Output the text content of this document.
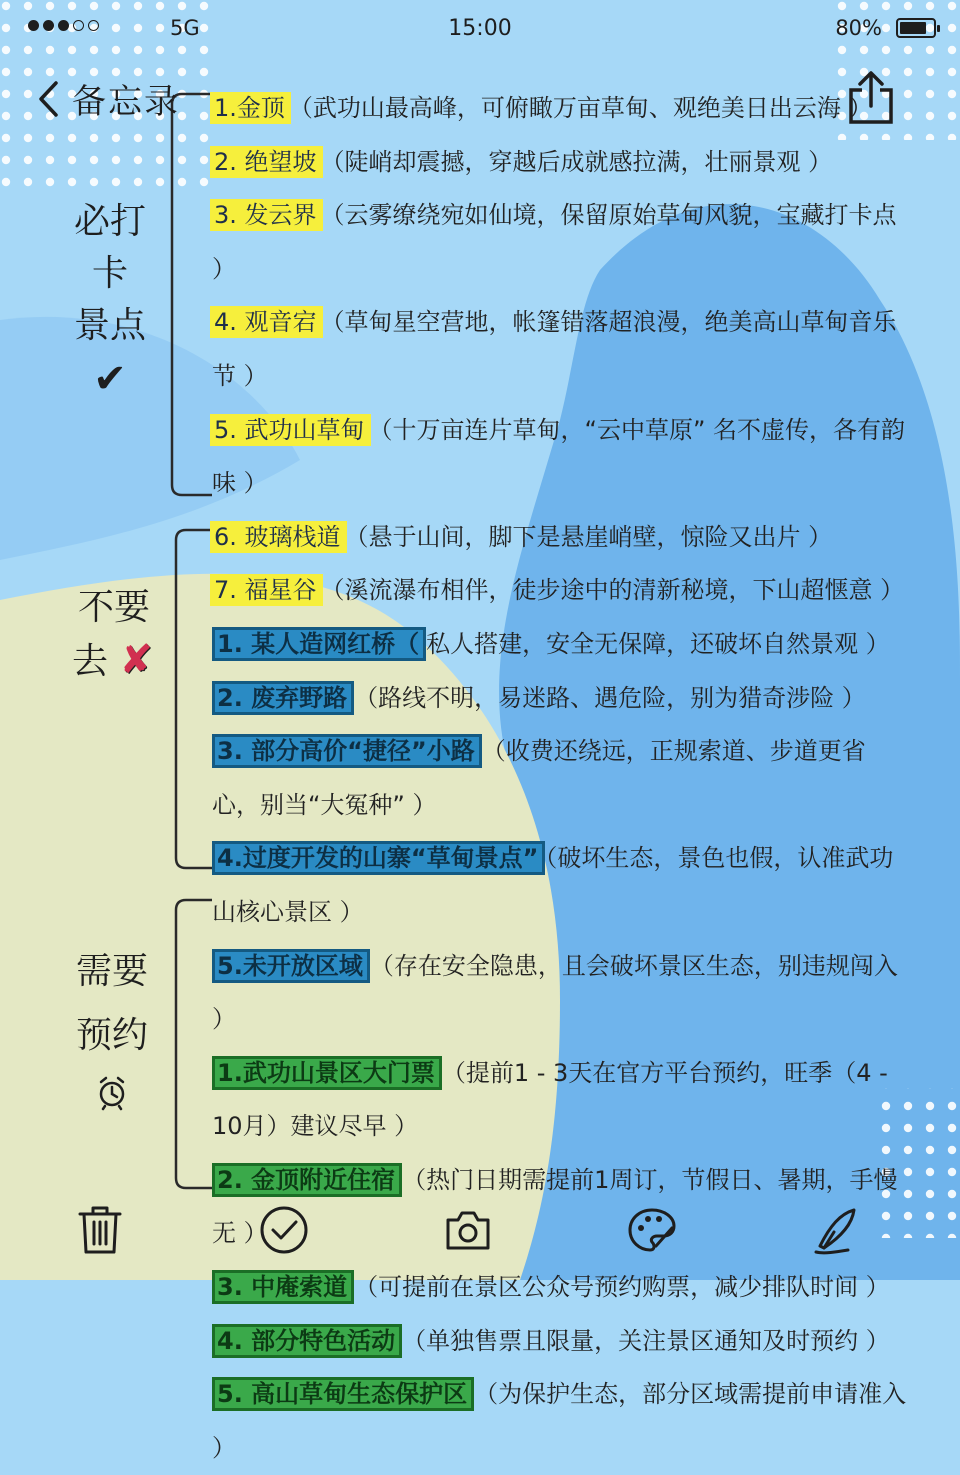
5G	15:00	80%
备忘录
必打卡
景点
✔
不要
去 ✘
需要
预约
1.金顶 （武功山最高峰，可俯瞰万亩草甸、观绝美日出云海 ）
2. 绝望坡 （陡峭却震撼，穿越后成就感拉满，壮丽景观 ）
3. 发云界 （云雾缭绕宛如仙境，保留原始草甸风貌，宝藏打卡点 ）
4. 观音宕 （草甸星空营地，帐篷错落超浪漫，绝美高山草甸音乐节 ）
5. 武功山草甸 （十万亩连片草甸，“云中草原” 名不虚传，各有韵味 ）
6. 玻璃栈道 （悬于山间，脚下是悬崖峭壁，惊险又出片 ）
7. 福星谷 （溪流瀑布相伴，徒步途中的清新秘境，下山超惬意 ）
1. 某人造网红桥（ 私人搭建，安全无保障，还破坏自然景观 ）
2. 废弃野路 （路线不明，易迷路、遇危险，别为猎奇涉险 ）
3. 部分高价“捷径”小路 （收费还绕远，正规索道、步道更省心，别当“大冤种” ）
4.过度开发的山寨“草甸景点” （破坏生态，景色也假，认准武功山核心景区 ）
5.未开放区域 （存在安全隐患，且会破坏景区生态，别违规闯入 ）
1.武功山景区大门票 （提前1 - 3天在官方平台预约，旺季（4 - 10月）建议尽早 ）
2. 金顶附近住宿 （热门日期需提前1周订，节假日、暑期，手慢无 ）
3. 中庵索道 （可提前在景区公众号预约购票，减少排队时间 ）
4. 部分特色活动 （单独售票且限量，关注景区通知及时预约 ）
5. 高山草甸生态保护区 （为保护生态，部分区域需提前申请准入 ）
